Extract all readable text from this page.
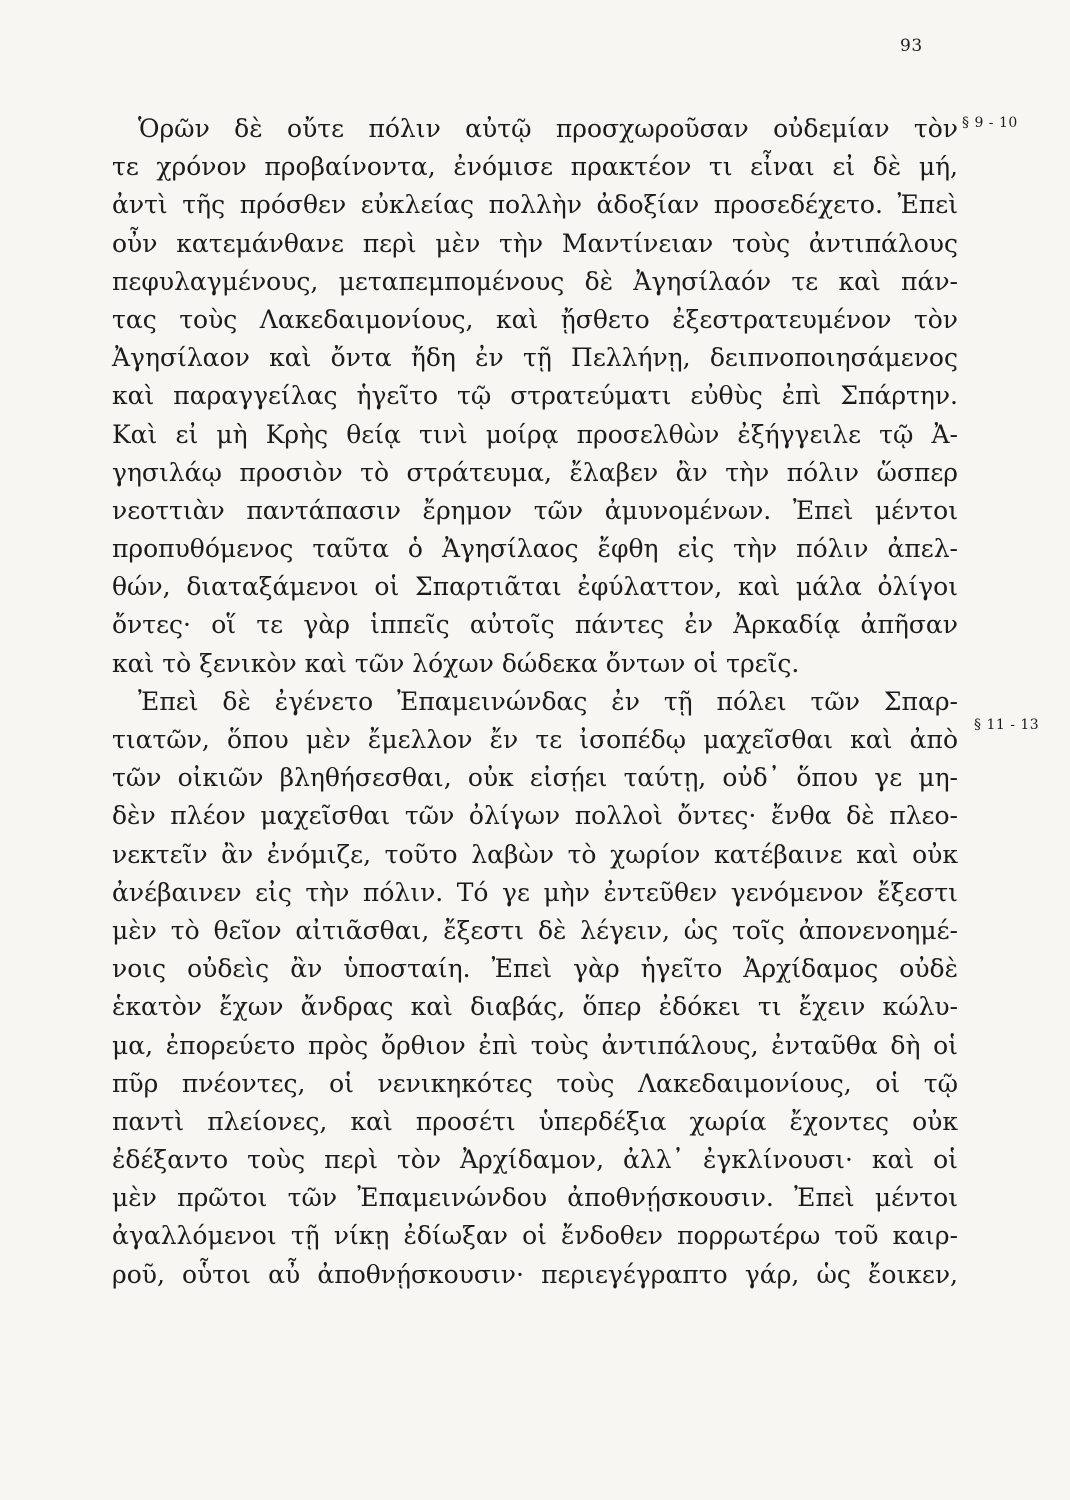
93
§ 9 - 10
§ 11 - 13
Ὁρῶν δὲ οὔτε πόλιν αὐτῷ προσχωροῦσαν οὐδεμίαν τὸν
τε χρόνον προβαίνοντα, ἐνόμισε πρακτέον τι εἶναι εἰ δὲ μή,
ἀντὶ τῆς πρόσθεν εὐκλείας πολλὴν ἀδοξίαν προσεδέχετο. Ἐπεὶ
οὖν κατεμάνθανε περὶ μὲν τὴν Μαντίνειαν τοὺς ἀντιπάλους
πεφυλαγμένους, μεταπεμπομένους δὲ Ἀγησίλαόν τε καὶ πάν-
τας τοὺς Λακεδαιμονίους, καὶ ᾔσθετο ἐξεστρατευμένον τὸν
Ἀγησίλαον καὶ ὄντα ἤδη ἐν τῇ Πελλήνῃ, δειπνοποιησάμενος
καὶ παραγγείλας ἡγεῖτο τῷ στρατεύματι εὐθὺς ἐπὶ Σπάρτην.
Καὶ εἰ μὴ Κρὴς θείᾳ τινὶ μοίρᾳ προσελθὼν ἐξήγγειλε τῷ Ἀ-
γησιλάῳ προσιὸν τὸ στράτευμα, ἔλαβεν ἂν τὴν πόλιν ὥσπερ
νεοττιὰν παντάπασιν ἔρημον τῶν ἀμυνομένων. Ἐπεὶ μέντοι
προπυθόμενος ταῦτα ὁ Ἀγησίλαος ἔφθη εἰς τὴν πόλιν ἀπελ-
θών, διαταξάμενοι οἱ Σπαρτιᾶται ἐφύλαττον, καὶ μάλα ὀλίγοι
ὄντες· οἵ τε γὰρ ἱππεῖς αὐτοῖς πάντες ἐν Ἀρκαδίᾳ ἀπῆσαν
καὶ τὸ ξενικὸν καὶ τῶν λόχων δώδεκα ὄντων οἱ τρεῖς.
Ἐπεὶ δὲ ἐγένετο Ἐπαμεινώνδας ἐν τῇ πόλει τῶν Σπαρ-
τιατῶν, ὅπου μὲν ἔμελλον ἔν τε ἰσοπέδῳ μαχεῖσθαι καὶ ἀπὸ
τῶν οἰκιῶν βληθήσεσθαι, οὐκ εἰσῄει ταύτῃ, οὐδ᾽ ὅπου γε μη-
δὲν πλέον μαχεῖσθαι τῶν ὀλίγων πολλοὶ ὄντες· ἔνθα δὲ πλεο-
νεκτεῖν ἂν ἐνόμιζε, τοῦτο λαβὼν τὸ χωρίον κατέβαινε καὶ οὐκ
ἀνέβαινεν εἰς τὴν πόλιν. Τό γε μὴν ἐντεῦθεν γενόμενον ἔξεστι
μὲν τὸ θεῖον αἰτιᾶσθαι, ἔξεστι δὲ λέγειν, ὡς τοῖς ἀπονενοημέ-
νοις οὐδεὶς ἂν ὑποσταίη. Ἐπεὶ γὰρ ἡγεῖτο Ἀρχίδαμος οὐδὲ
ἑκατὸν ἔχων ἄνδρας καὶ διαβάς, ὅπερ ἐδόκει τι ἔχειν κώλυ-
μα, ἐπορεύετο πρὸς ὄρθιον ἐπὶ τοὺς ἀντιπάλους, ἐνταῦθα δὴ οἱ
πῦρ πνέοντες, οἱ νενικηκότες τοὺς Λακεδαιμονίους, οἱ τῷ
παντὶ πλείονες, καὶ προσέτι ὑπερδέξια χωρία ἔχοντες οὐκ
ἐδέξαντο τοὺς περὶ τὸν Ἀρχίδαμον, ἀλλ᾽ ἐγκλίνουσι· καὶ οἱ
μὲν πρῶτοι τῶν Ἐπαμεινώνδου ἀποθνῄσκουσιν. Ἐπεὶ μέντοι
ἀγαλλόμενοι τῇ νίκῃ ἐδίωξαν οἱ ἔνδοθεν πορρωτέρω τοῦ καιρ-
ροῦ, οὗτοι αὖ ἀποθνῄσκουσιν· περιεγέγραπτο γάρ, ὡς ἔοικεν,
